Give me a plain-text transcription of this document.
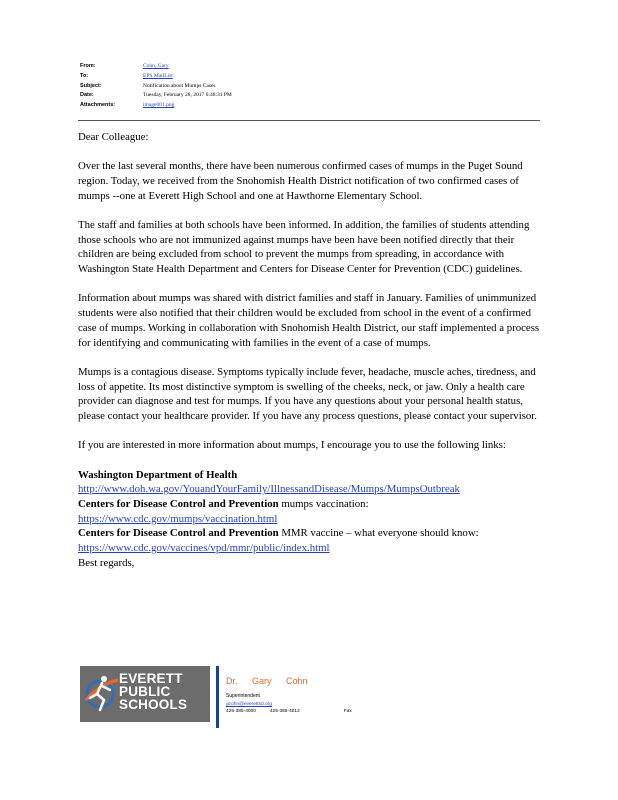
From:	Cohn, Gary
To:	EPS MailList
Subject:	Notification about Mumps Cases
Date:	Tuesday, February 28, 2017 6:48:31 PM
Attachments:	image001.png

Dear Colleague:

Over the last several months, there have been numerous confirmed cases of mumps in the Puget Sound region. Today, we received from the Snohomish Health District notification of two confirmed cases of mumps --one at Everett High School and one at Hawthorne Elementary School.

The staff and families at both schools have been informed. In addition, the families of students attending those schools who are not immunized against mumps have been have been notified directly that their children are being excluded from school to prevent the mumps from spreading, in accordance with Washington State Health Department and Centers for Disease Center for Prevention (CDC) guidelines.

Information about mumps was shared with district families and staff in January. Families of unimmunized students were also notified that their children would be excluded from school in the event of a confirmed case of mumps. Working in collaboration with Snohomish Health District, our staff implemented a process for identifying and communicating with families in the event of a case of mumps.

Mumps is a contagious disease. Symptoms typically include fever, headache, muscle aches, tiredness, and loss of appetite. Its most distinctive symptom is swelling of the cheeks, neck, or jaw. Only a health care provider can diagnose and test for mumps. If you have any questions about your personal health status, please contact your healthcare provider. If you have any process questions, please contact your supervisor.

If you are interested in more information about mumps, I encourage you to use the following links:

Washington Department of Health
http://www.doh.wa.gov/YouandYourFamily/IllnessandDisease/Mumps/MumpsOutbreak
Centers for Disease Control and Prevention mumps vaccination:
https://www.cdc.gov/mumps/vaccination.html
Centers for Disease Control and Prevention MMR vaccine – what everyone should know:
https://www.cdc.gov/vaccines/vpd/mmr/public/index.html

Best regards,

EVERETT
PUBLIC
SCHOOLS
Dr. Gary Cohn
Superintendent
gcohn@everettsd.org
425-385-4000	425-385-4012	Fax
